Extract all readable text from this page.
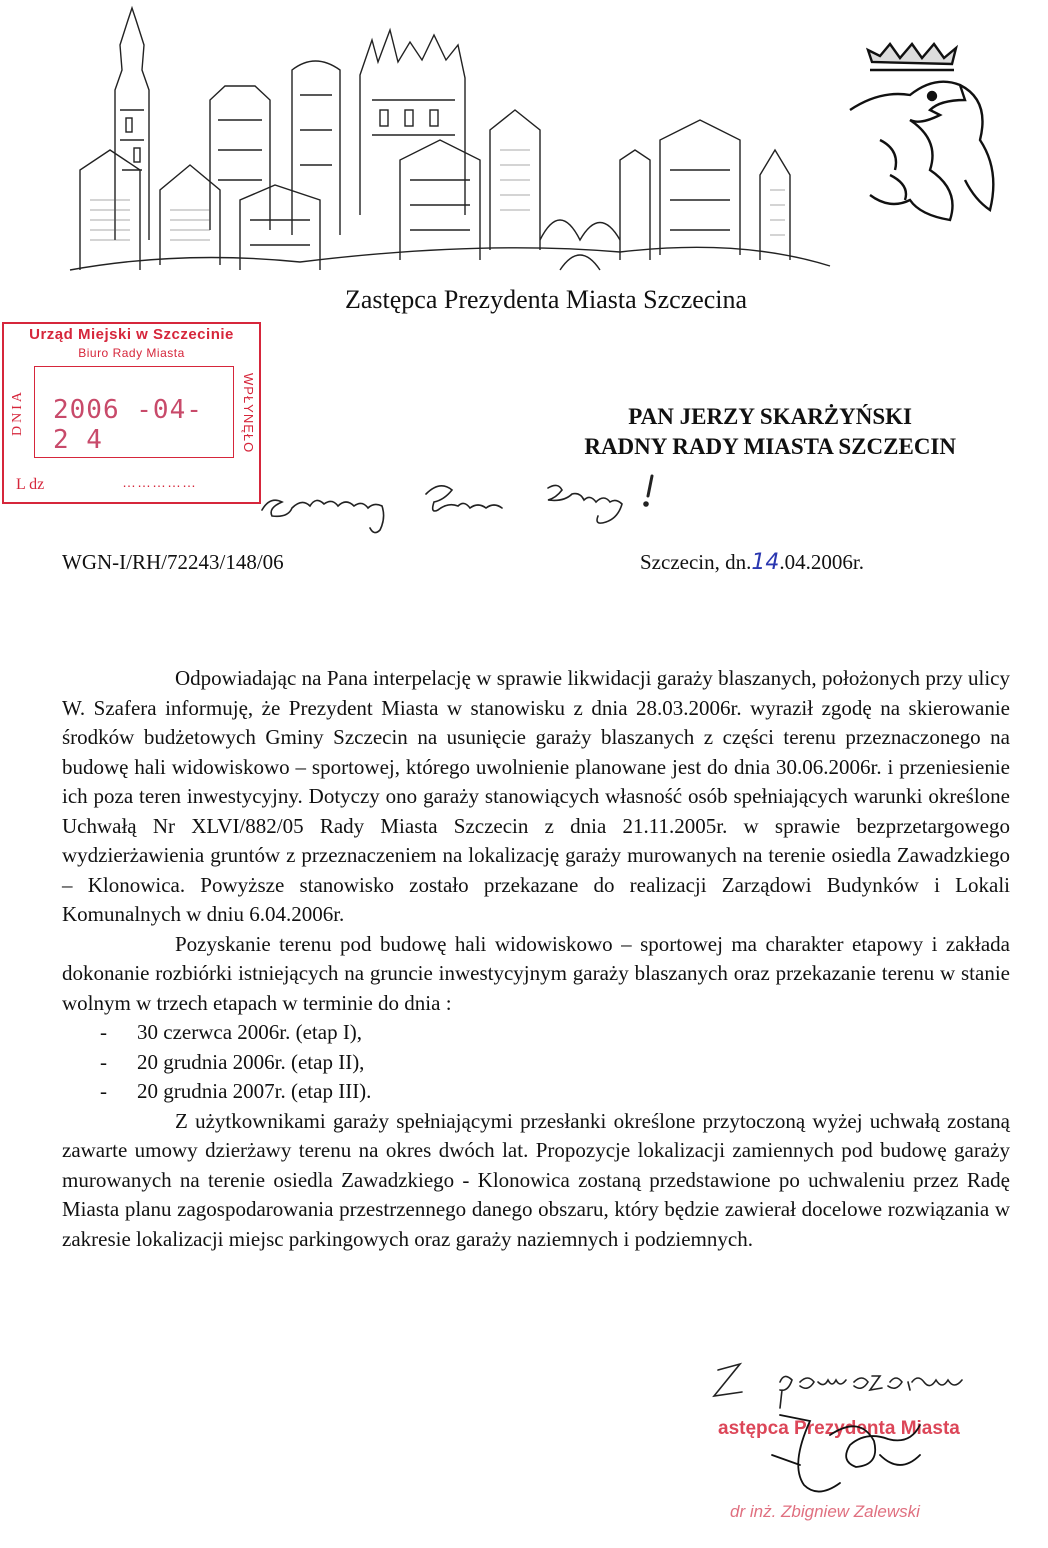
Zastępca Prezydenta Miasta Szczecina
Urząd Miejski w Szczecinie
Biuro Rady Miasta
DNIA 2006 -04- 2 4	WPŁYNĘŁO
L dz	……………
PAN JERZY SKARŻYŃSKI
RADNY RADY MIASTA SZCZECIN
WGN-I/RH/72243/148/06	Szczecin, dn.14.04.2006r.

Odpowiadając na Pana interpelację w sprawie likwidacji garaży blaszanych, położonych przy ulicy W. Szafera informuję, że Prezydent Miasta w stanowisku z dnia 28.03.2006r. wyraził zgodę na skierowanie środków budżetowych Gminy Szczecin na usunięcie garaży blaszanych z części terenu przeznaczonego na budowę hali widowiskowo – sportowej, którego uwolnienie planowane jest do dnia 30.06.2006r. i przeniesienie ich poza teren inwestycyjny. Dotyczy ono garaży stanowiących własność osób spełniających warunki określone Uchwałą Nr XLVI/882/05 Rady Miasta Szczecin z dnia 21.11.2005r. w sprawie bezprzetargowego wydzierżawienia gruntów z przeznaczeniem na lokalizację garaży murowanych na terenie osiedla Zawadzkiego – Klonowica. Powyższe stanowisko zostało przekazane do realizacji Zarządowi Budynków i Lokali Komunalnych w dniu 6.04.2006r.

Pozyskanie terenu pod budowę hali widowiskowo – sportowej ma charakter etapowy i zakłada dokonanie rozbiórki istniejących na gruncie inwestycyjnym garaży blaszanych oraz przekazanie terenu w stanie wolnym w trzech etapach w terminie do dnia :

- 30 czerwca 2006r. (etap I),
- 20 grudnia 2006r. (etap II),
- 20 grudnia 2007r. (etap III).

Z użytkownikami garaży spełniającymi przesłanki określone przytoczoną wyżej uchwałą zostaną zawarte umowy dzierżawy terenu na okres dwóch lat. Propozycje lokalizacji zamiennych pod budowę garaży murowanych na terenie osiedla Zawadzkiego - Klonowica zostaną przedstawione po uchwaleniu przez Radę Miasta planu zagospodarowania przestrzennego danego obszaru, który będzie zawierał docelowe rozwiązania w zakresie lokalizacji miejsc parkingowych oraz garaży naziemnych i podziemnych.

astępca Prezydenta Miasta
dr inż. Zbigniew Zalewski
